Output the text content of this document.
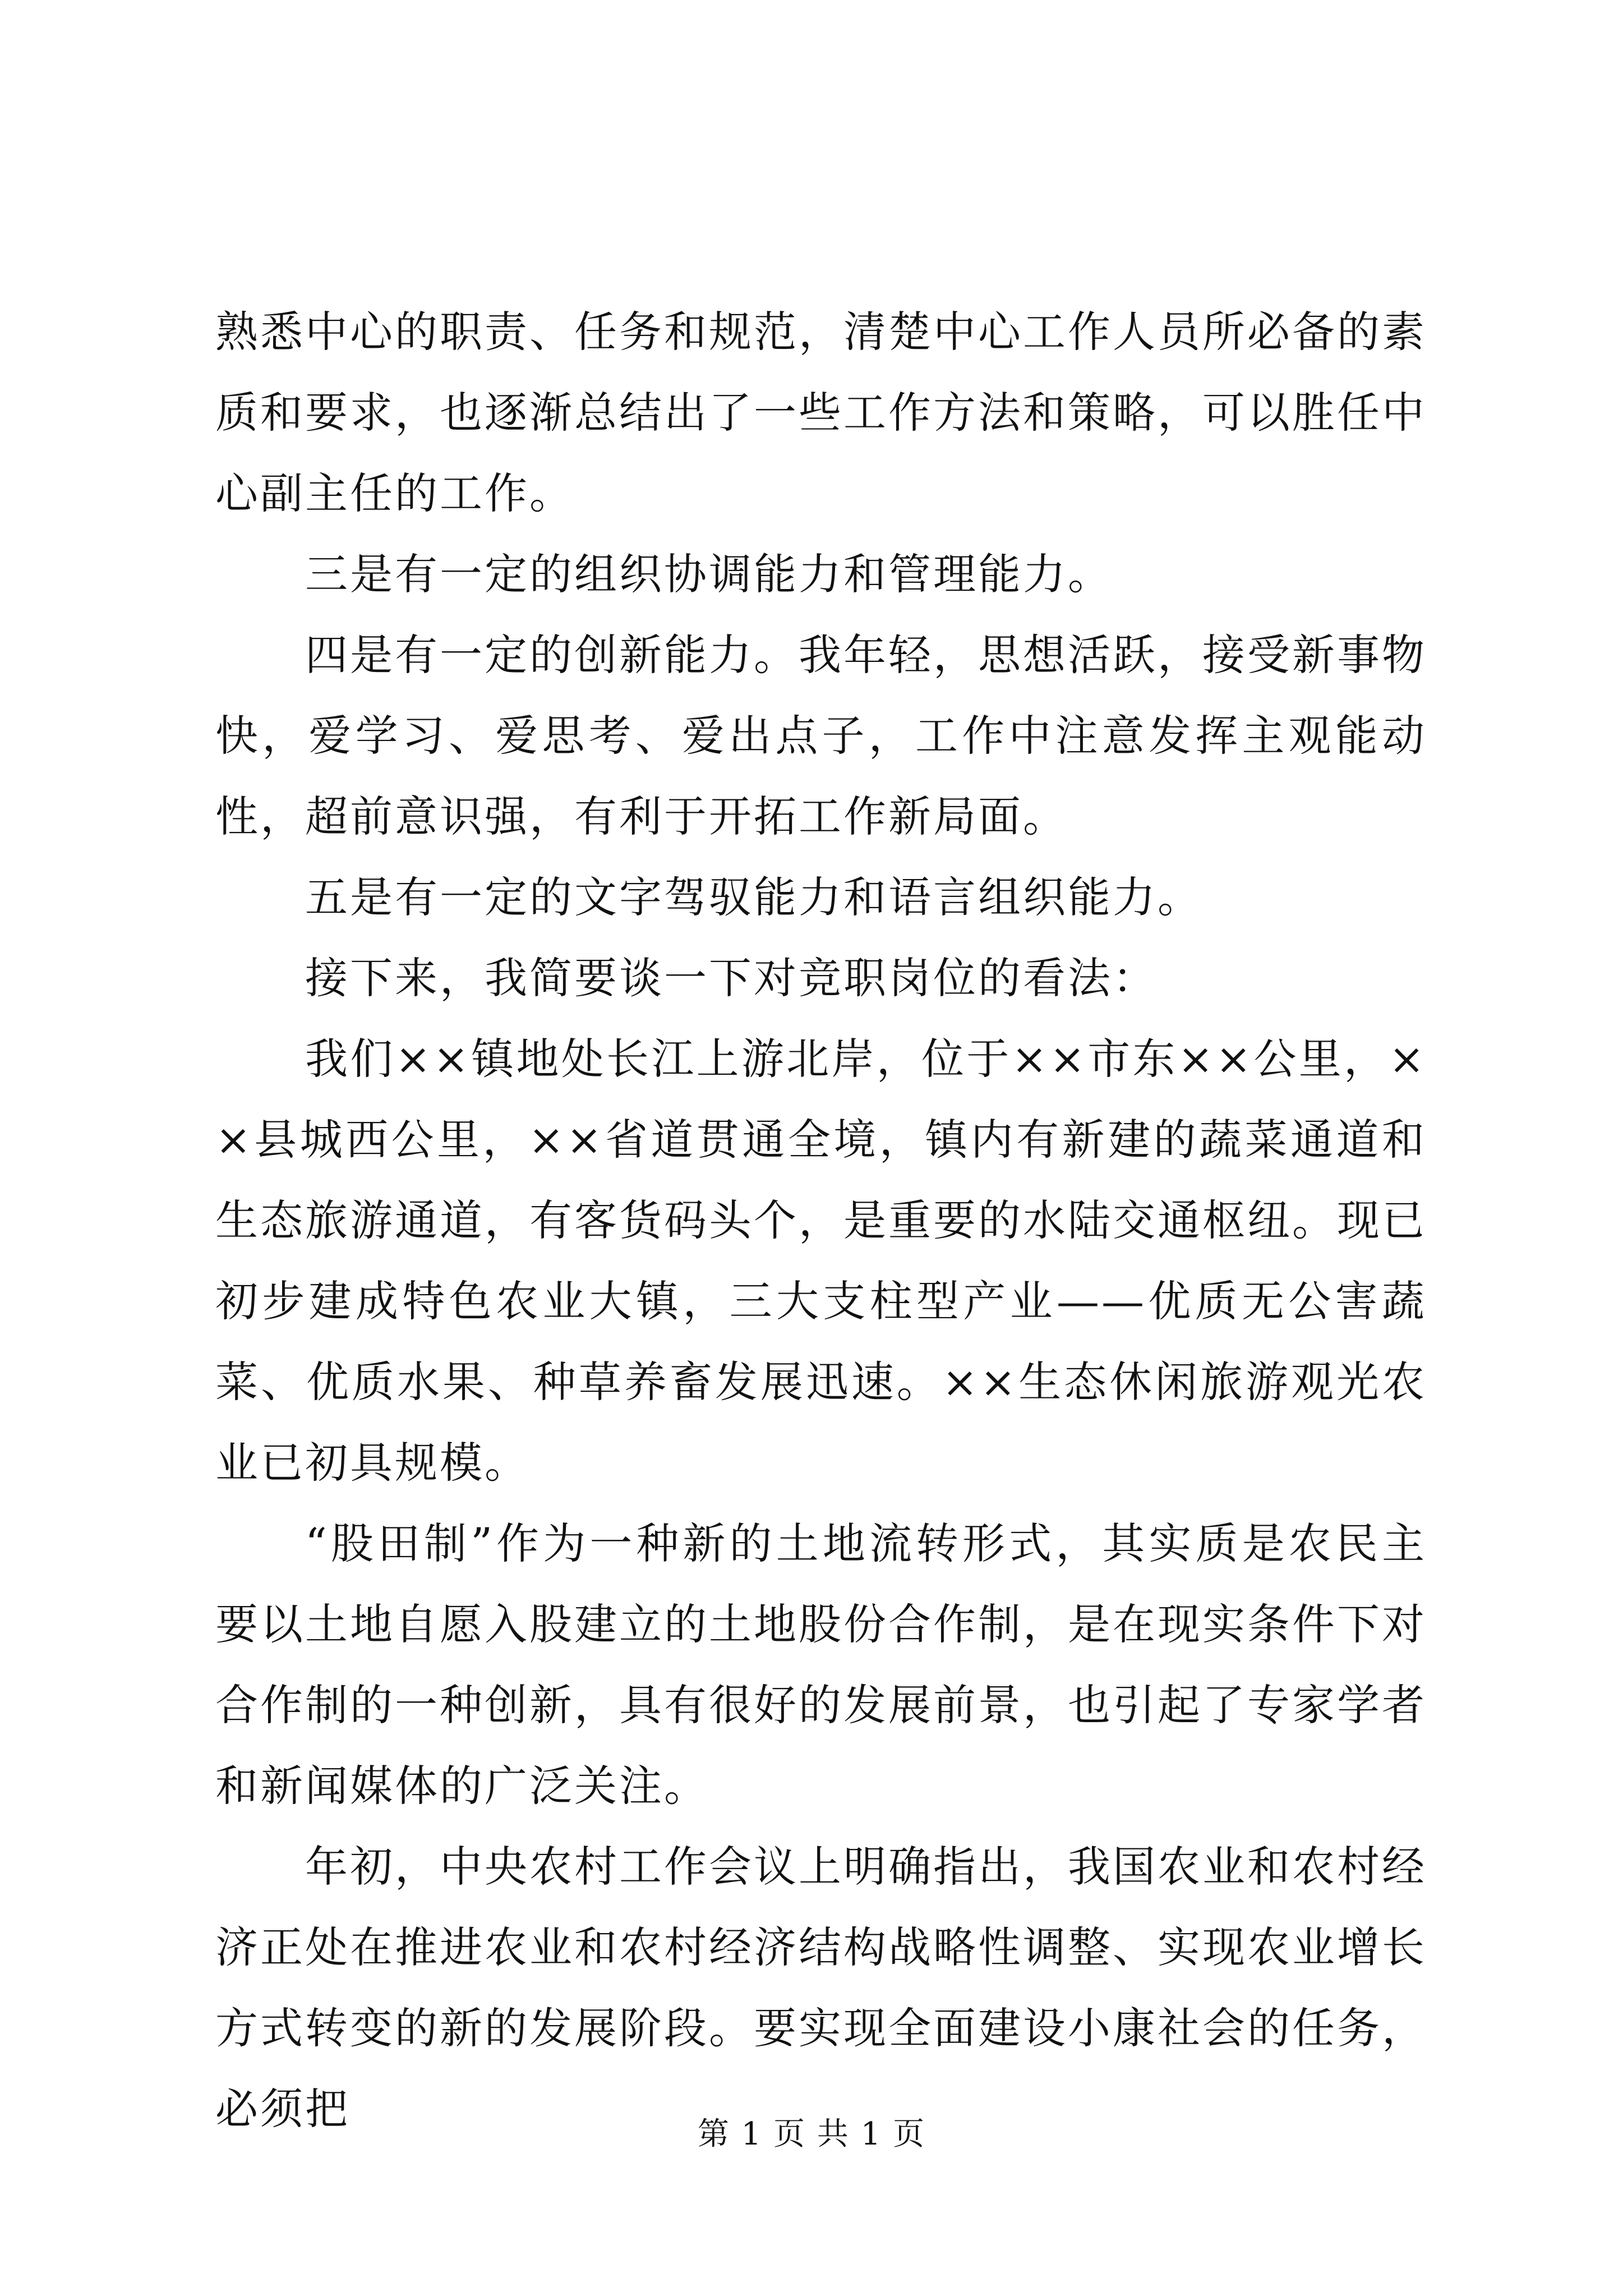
熟悉中心的职责、任务和规范，清楚中心工作人员所必备的素质和要求，也逐渐总结出了一些工作方法和策略，可以胜任中心副主任的工作。

三是有一定的组织协调能力和管理能力。

四是有一定的创新能力。我年轻，思想活跃，接受新事物快，爱学习、爱思考、爱出点子，工作中注意发挥主观能动性，超前意识强，有利于开拓工作新局面。

五是有一定的文字驾驭能力和语言组织能力。

接下来，我简要谈一下对竞职岗位的看法：

我们××镇地处长江上游北岸，位于××市东××公里，××县城西公里，××省道贯通全境，镇内有新建的蔬菜通道和生态旅游通道，有客货码头个，是重要的水陆交通枢纽。现已初步建成特色农业大镇，三大支柱型产业——优质无公害蔬菜、优质水果、种草养畜发展迅速。××生态休闲旅游观光农业已初具规模。

“股田制”作为一种新的土地流转形式，其实质是农民主要以土地自愿入股建立的土地股份合作制，是在现实条件下对合作制的一种创新，具有很好的发展前景，也引起了专家学者和新闻媒体的广泛关注。

年初，中央农村工作会议上明确指出，我国农业和农村经济正处在推进农业和农村经济结构战略性调整、实现农业增长方式转变的新的发展阶段。要实现全面建设小康社会的任务，必须把

第 1 页 共 1 页
